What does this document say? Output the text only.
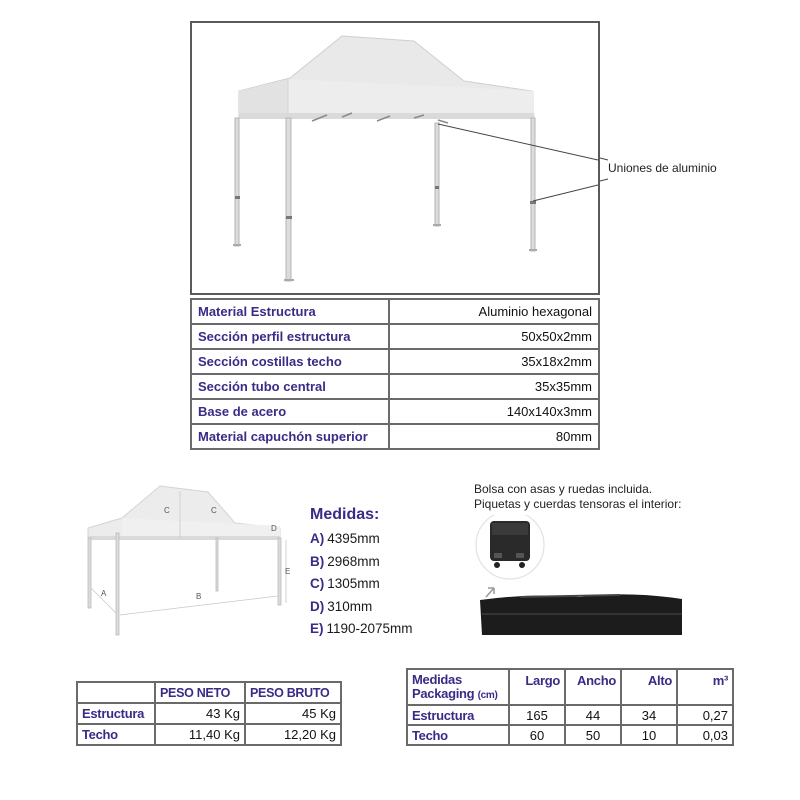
Uniones de aluminio
Material Estructura	Aluminio hexagonal
Sección perfil estructura	50x50x2mm
Sección costillas techo	35x18x2mm
Sección tubo central	35x35mm
Base de acero	140x140x3mm
Material capuchón superior	80mm
C	C
D
E
A	B
Medidas:
A) 4395mm
B) 2968mm
C) 1305mm
D) 310mm
E) 1190-2075mm
Bolsa con asas y ruedas incluida.
Piquetas y cuerdas tensoras el interior:
	PESO NETO	PESO BRUTO
Estructura	43 Kg	45 Kg
Techo	11,40 Kg	12,20 Kg
Medidas
Packaging (cm)	Largo	Ancho	Alto	m³
Estructura	165	44	34	0,27
Techo	60	50	10	0,03
